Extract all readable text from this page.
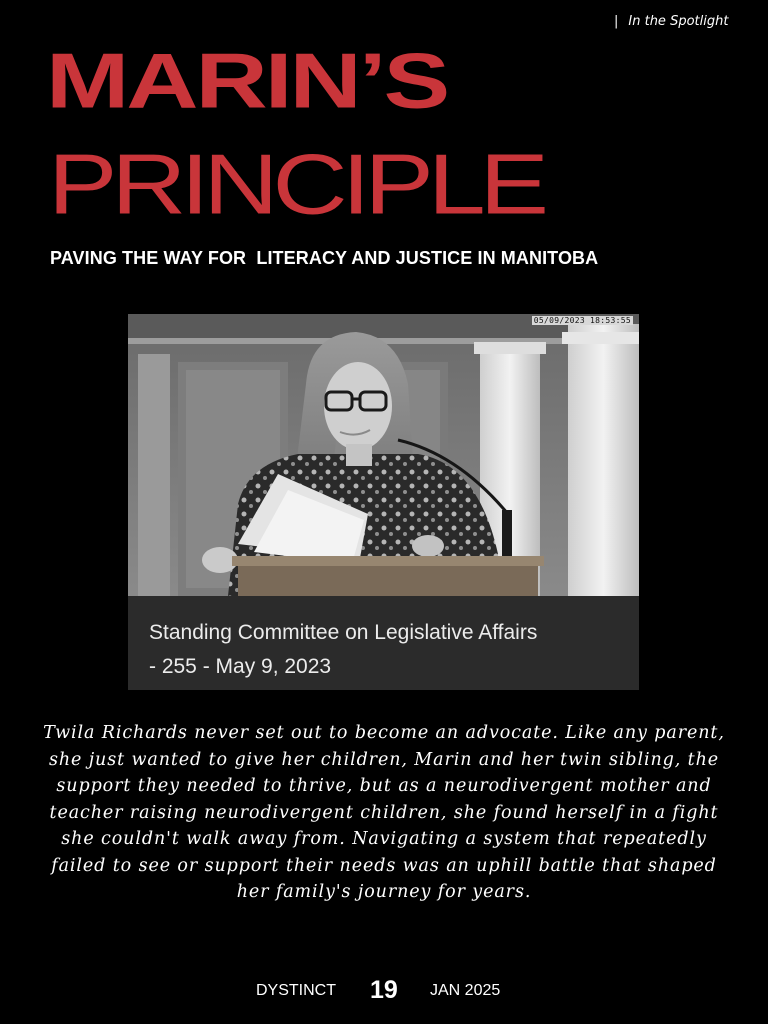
| In the Spotlight
MARIN’S
PRINCIPLE
PAVING THE WAY FOR  LITERACY AND JUSTICE IN MANITOBA
05/09/2023 18:53:55
Standing Committee on Legislative Affairs
- 255 - May 9, 2023

Twila Richards never set out to become an advocate. Like any parent, she just wanted to give her children, Marin and her twin sibling, the support they needed to thrive, but as a neurodivergent mother and teacher raising neurodivergent children, she found herself in a fight she couldn't walk away from. Navigating a system that repeatedly failed to see or support their needs was an uphill battle that shaped her family's journey for years.

DYSTINCT 19 JAN 2025
